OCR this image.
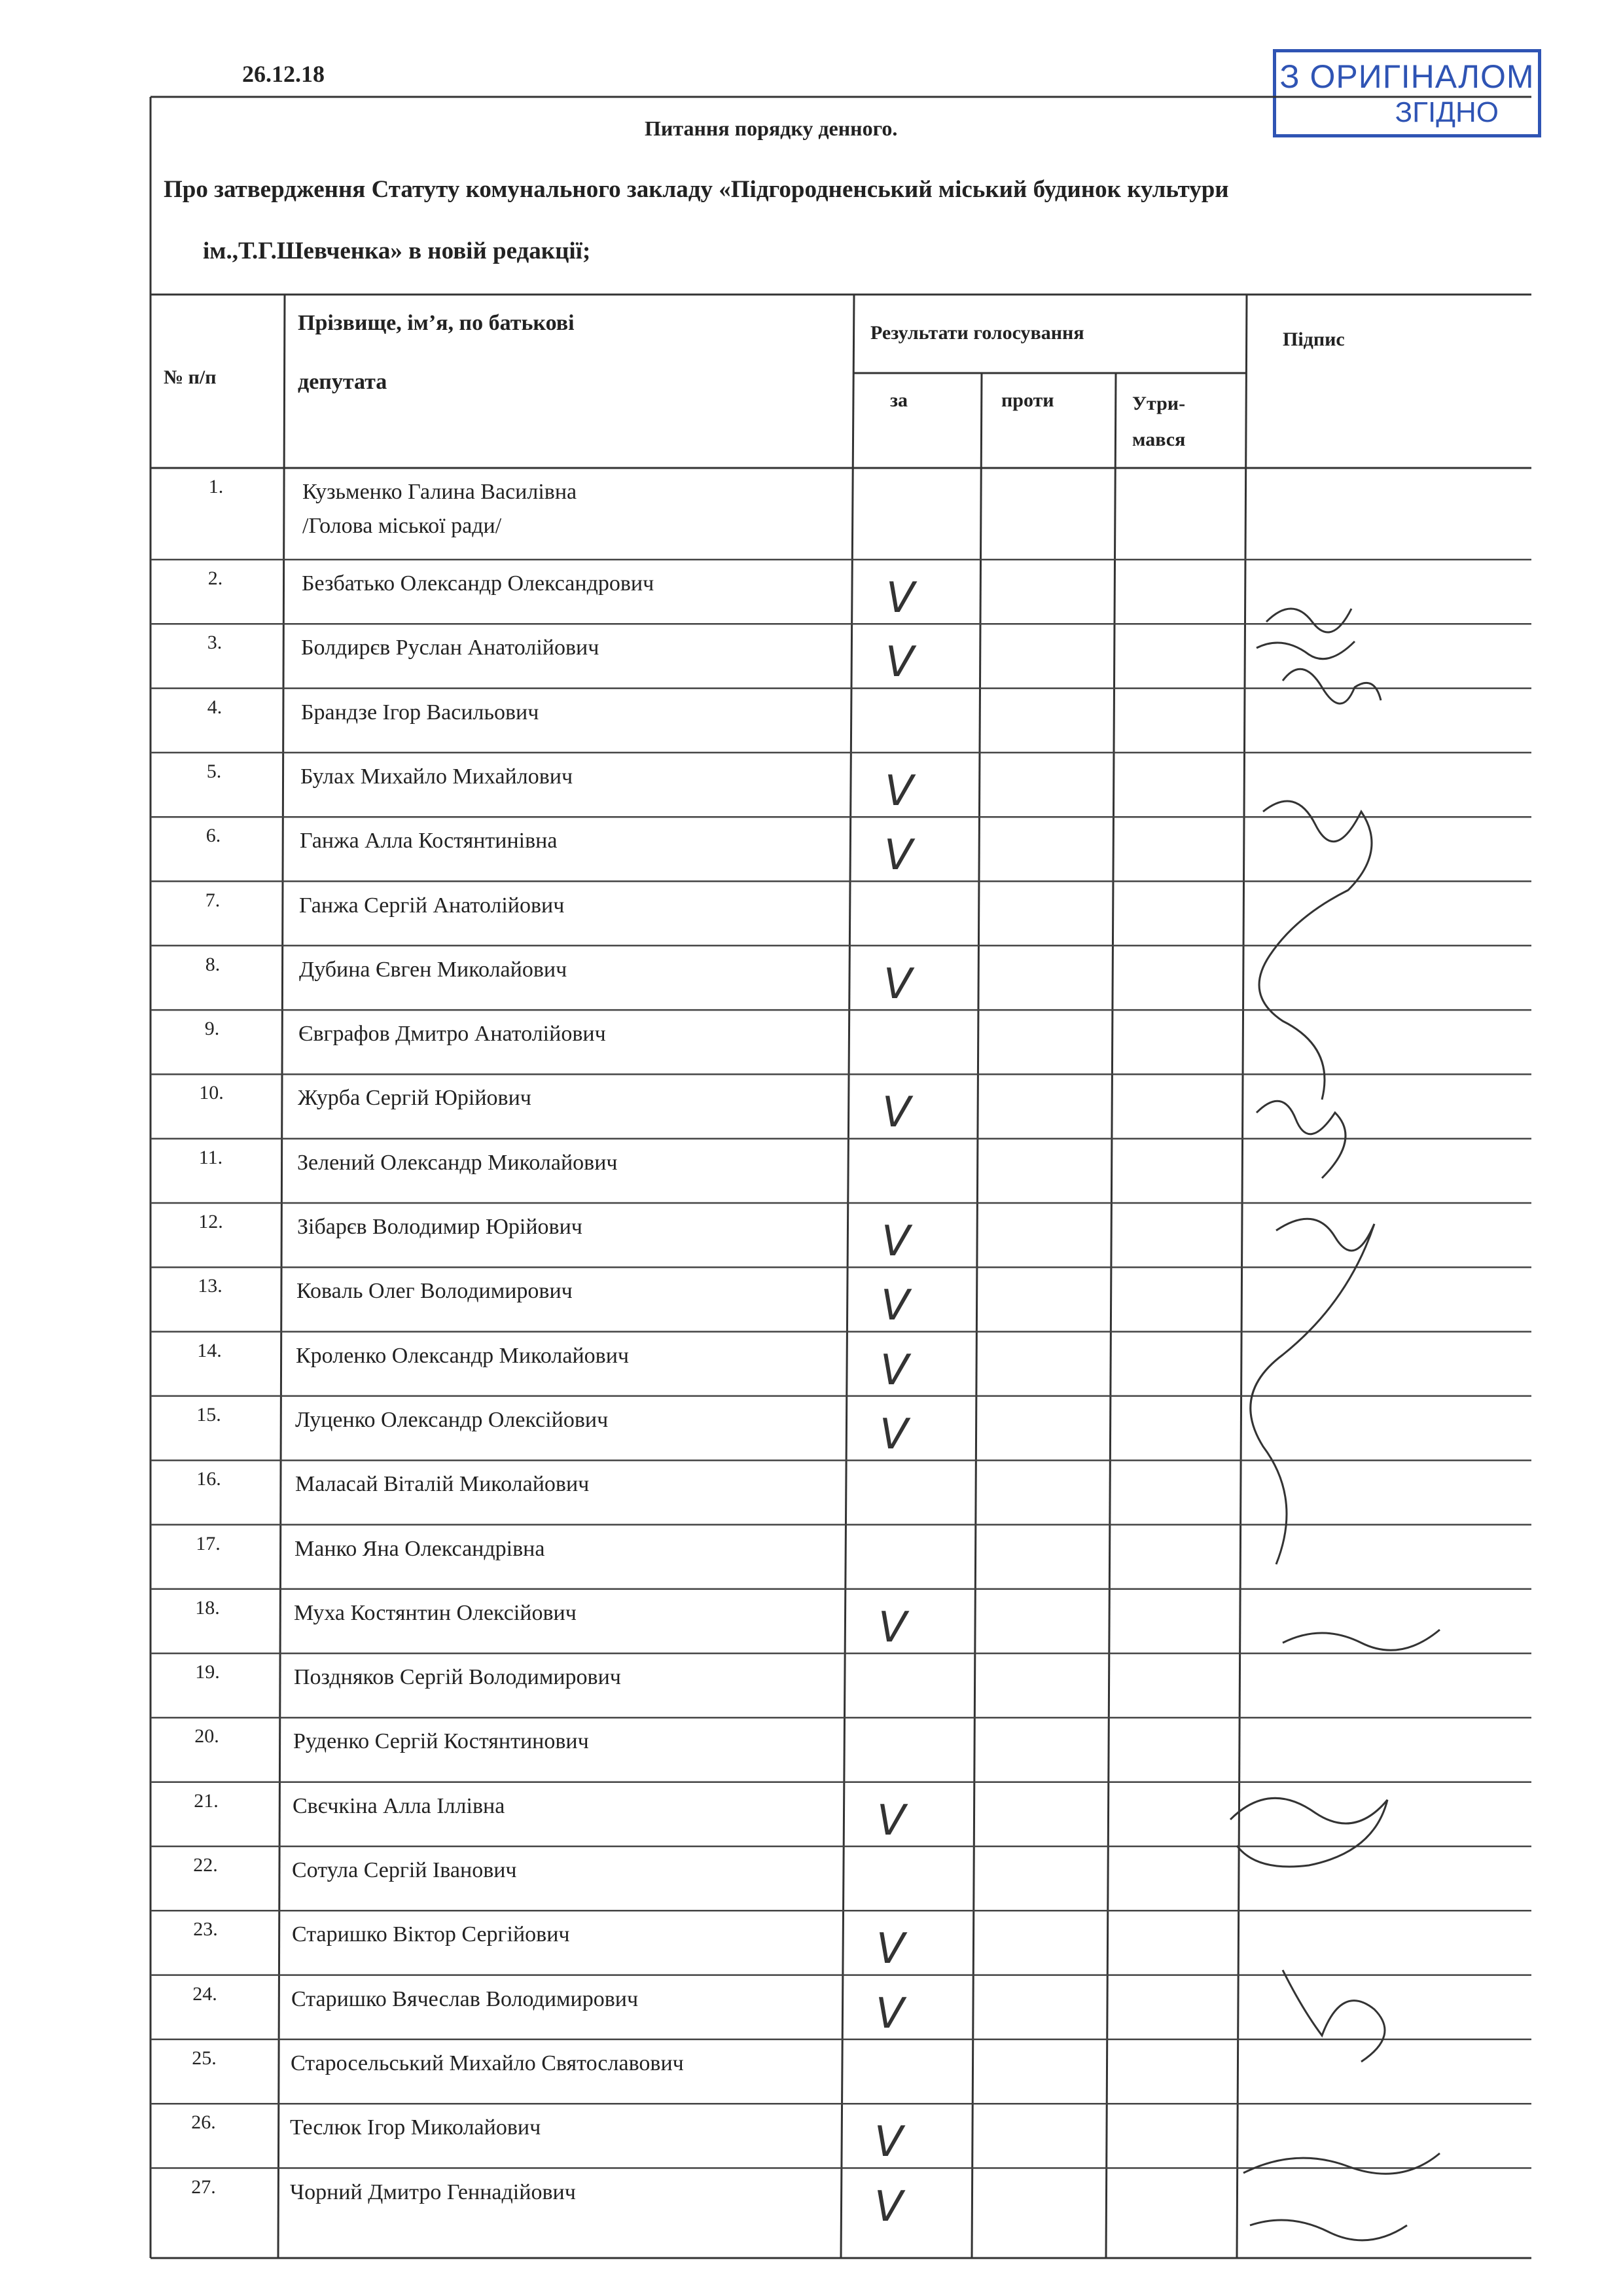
З ОРИГІНАЛОМ
ЗГІДНО
26.12.18
Питання порядку денного.
Про затвердження Статуту комунального закладу «Підгородненський міський будинок культури
ім.,Т.Г.Шевченка» в новій редакції;
№ п/п
Прізвище, ім’я, по батькові
депутата
Результати голосування	Підпис
за	проти	Утри-
мався
1.	Кузьменко Галина Василівна
/Голова міської ради/
2.	Безбатько Олександр Олександрович	V
3.	Болдирєв Руслан Анатолійович	V
4.	Брандзе Ігор Васильович
5.	Булах Михайло Михайлович	V
6.	Ганжа Алла Костянтинівна	V
7.	Ганжа Сергій Анатолійович
8.	Дубина Євген Миколайович	V
9.	Євграфов Дмитро Анатолійович
10.	Журба Сергій Юрійович	V
11.	Зелений Олександр Миколайович
12.	Зібарєв Володимир Юрійович	V
13.	Коваль Олег Володимирович	V
14.	Кроленко Олександр Миколайович	V
15.	Луценко Олександр Олексійович	V
16.	Маласай Віталій Миколайович
17.	Манко Яна Олександрівна
18.	Муха Костянтин Олексійович	V
19.	Поздняков Сергій Володимирович
20.	Руденко Сергій Костянтинович
21.	Свєчкіна Алла Іллівна	V
22.	Сотула Сергій Іванович
23.	Старишко Віктор Сергійович	V
24.	Старишко Вячеслав Володимирович	V
25.	Старосельський Михайло Святославович
26.	Теслюк Ігор Миколайович	V
27.	Чорний Дмитро Геннадійович	V
